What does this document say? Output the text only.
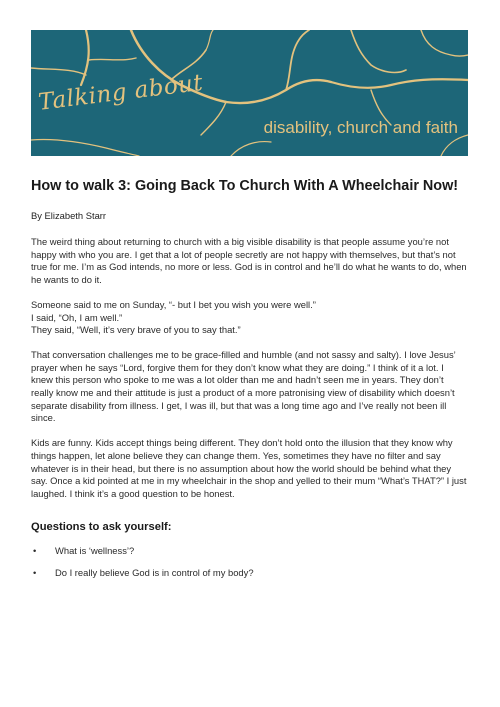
Talking about
disability, church and faith
How to walk 3: Going Back To Church With A Wheelchair Now!
By Elizabeth Starr

The weird thing about returning to church with a big visible disability is that people assume you’re not happy with who you are. I get that a lot of people secretly are not happy with themselves, but that’s not true for me. I’m as God intends, no more or less. God is in control and he’ll do what he wants to do, when he wants to do it.

Someone said to me on Sunday, “- but I bet you wish you were well.”
I said, “Oh, I am well.”
They said, “Well, it’s very brave of you to say that.”

That conversation challenges me to be grace-filled and humble (and not sassy and salty). I love Jesus’ prayer when he says “Lord, forgive them for they don’t know what they are doing.” I think of it a lot. I knew this person who spoke to me was a lot older than me and hadn’t seen me in years. They don’t really know me and their attitude is just a product of a more patronising view of disability which doesn’t separate disability from illness. I get, I was ill, but that was a long time ago and I’ve really not been ill since.

Kids are funny. Kids accept things being different. They don’t hold onto the illusion that they know why things happen, let alone believe they can change them. Yes, sometimes they have no filter and say whatever is in their head, but there is no assumption about how the world should be behind what they say. Once a kid pointed at me in my wheelchair in the shop and yelled to their mum “What’s THAT?” I just laughed. I think it’s a good question to be honest.

Questions to ask yourself:
• What is ‘wellness’?
• Do I really believe God is in control of my body?
